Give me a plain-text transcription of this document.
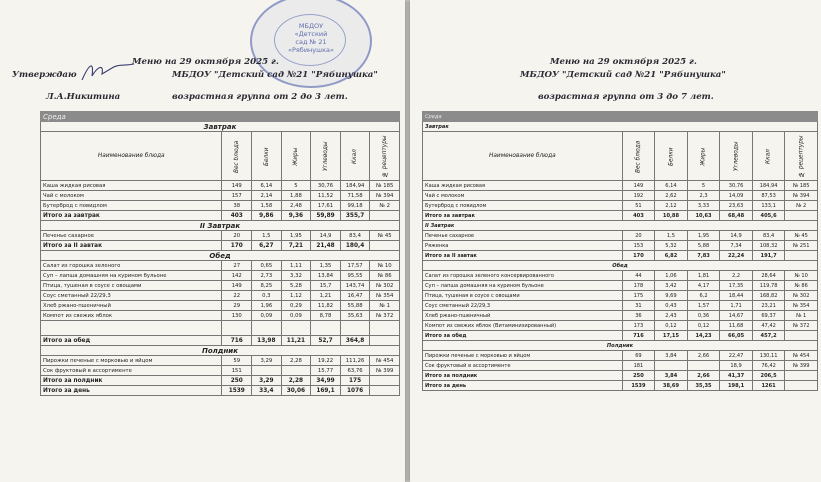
МБДОУ
«Детский
сад № 21
«Рябинушка»
Меню на 29 октября 2025 г.
Утверждаю	МБДОУ "Детский сад №21 "Рябинушка"
Л.А.Никитина	возрастная группа от 2 до 3 лет.
Среда						
Завтрак						
Наименование блюда	Вес блюда	Белки	Жиры	Углеводы	Ккал	№ рецептуры
Каша жидкая рисовая	149	6,14	5	30,76	184,94	№ 185
Чай с молоком	157	2,14	1,88	11,52	71,58	№ 394
Бутерброд с повидлом	38	1,58	2,48	17,61	99,18	№ 2
Итого за завтрак	403	9,86	9,36	59,89	355,7	
II Завтрак						
Печенье сахарное	20	1,5	1,95	14,9	83,4	№ 45
Итого за II завтак	170	6,27	7,21	21,48	180,4	
Обед						
Салат из горошка зеленого	27	0,65	1,11	1,35	17,57	№ 10
Суп – лапша домашняя на курином бульоне	142	2,73	3,32	13,84	95,55	№ 86
Птица, тушеная в соусе с овощами	149	8,25	5,28	15,7	143,74	№ 302
Соус сметанный 22/29,3	22	0,3	1,12	1,21	16,47	№ 354
Хлеб ржано-пшеничный	29	1,96	0,29	11,82	55,88	№ 1
Компот из свежих яблок	130	0,09	0,09	8,78	35,63	№ 372

Итого за обед	716	13,98	11,21	52,7	364,8	
Полдник						
Пирожки печеные с морковью и яйцом	59	3,29	2,28	19,22	111,26	№ 454
Сок фруктовый в ассортименте	151			15,77	63,76	№ 399
Итого за полдник	250	3,29	2,28	34,99	175	
Итого за день	1539	33,4	30,06	169,1	1076	
Меню на 29 октября 2025 г.
МБДОУ "Детский сад №21 "Рябинушка"
возрастная группа от 3 до 7 лет.
Среда						
Завтрак						
Наименование блюда	Вес блюда	Белки	Жиры	Углеводы	Ккал	№ рецептуры
Каша жидкая рисовая	149	6,14	5	30,76	184,94	№ 185
Чай с молоком	192	2,62	2,3	14,09	87,53	№ 394
Бутерброд с повидлом	51	2,12	3,33	23,63	133,1	№ 2
Итого за завтрак	403	10,88	10,63	68,48	405,6	
II Завтрак						
Печенье сахарное	20	1,5	1,95	14,9	83,4	№ 45
Ряженка	153	5,32	5,88	7,34	108,32	№ 251
Итого за II завтак	170	6,82	7,83	22,24	191,7	
Обед						
Салат из горошка зеленого консервированного	44	1,06	1,81	2,2	28,64	№ 10
Суп – лапша домашняя на курином бульоне	178	3,42	4,17	17,35	119,78	№ 86
Птица, тушеная в соусе с овощами	175	9,69	6,2	18,44	168,82	№ 302
Соус сметанный 22/29,3	31	0,43	1,57	1,71	23,21	№ 354
Хлеб ржано-пшеничный	36	2,43	0,36	14,67	69,37	№ 1
Компот из свежих яблок (Витаминизированный)	173	0,12	0,12	11,68	47,42	№ 372
Итого за обед	716	17,15	14,23	66,05	457,2	
Полдник						
Пирожки печеные с морковью и яйцом	69	3,84	2,66	22,47	130,11	№ 454
Сок фруктовый в ассортименте	181			18,9	76,42	№ 399
Итого за полдник	250	3,84	2,66	41,37	206,5	
Итого за день	1539	38,69	35,35	198,1	1261	
